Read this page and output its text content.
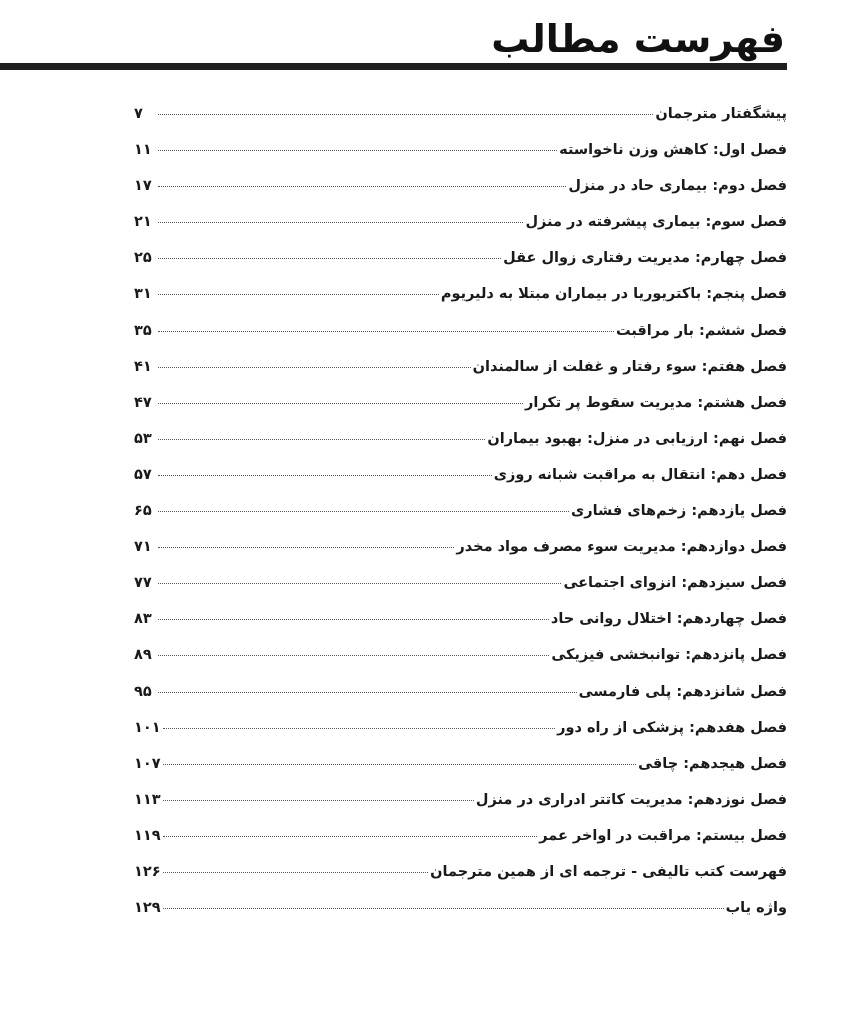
فهرست مطالب
پیشگفتار مترجمان
۷
فصل اول: کاهش وزن ناخواسته
۱۱
فصل دوم: بیماری حاد در منزل
۱۷
فصل سوم: بیماری پیشرفته در منزل
۲۱
فصل چهارم: مدیریت رفتاری زوال عقل
۲۵
فصل پنجم: باکتریوریا در بیماران مبتلا به دلیریوم
۳۱
فصل ششم: بار مراقبت
۳۵
فصل هفتم: سوء رفتار و غفلت از سالمندان
۴۱
فصل هشتم: مدیریت سقوط پر تکرار
۴۷
فصل نهم: ارزیابی در منزل: بهبود بیماران
۵۳
فصل دهم: انتقال به مراقبت شبانه روزی
۵۷
فصل یازدهم: زخم‌های فشاری
۶۵
فصل دوازدهم: مدیریت سوء مصرف مواد مخدر
۷۱
فصل سیزدهم: انزوای اجتماعی
۷۷
فصل چهاردهم: اختلال روانی حاد
۸۳
فصل پانزدهم: توانبخشی فیزیکی
۸۹
فصل شانزدهم: پلی فارمسی
۹۵
فصل هفدهم: پزشکی از راه دور
۱۰۱
فصل هیجدهم: چاقی
۱۰۷
فصل نوزدهم: مدیریت کاتتر ادراری در منزل
۱۱۳
فصل بیستم: مراقبت در اواخر عمر
۱۱۹
فهرست کتب تالیفی - ترجمه ای از همین مترجمان
۱۲۶
واژه یاب
۱۲۹
